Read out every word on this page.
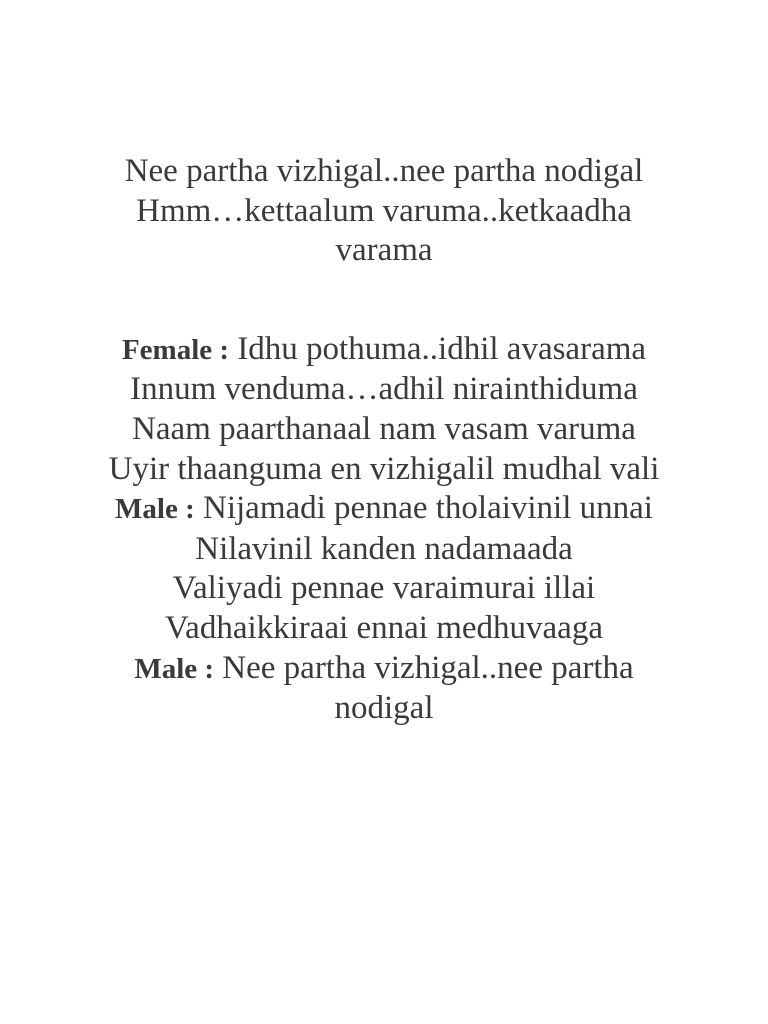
Nee partha vizhigal..nee partha nodigal

Hmm…kettaalum varuma..ketkaadha varama

Female : Idhu pothuma..idhil avasarama

Innum venduma…adhil nirainthiduma

Naam paarthanaal nam vasam varuma

Uyir thaanguma en vizhigalil mudhal vali

Male : Nijamadi pennae tholaivinil unnai

Nilavinil kanden nadamaada

Valiyadi pennae varaimurai illai

Vadhaikkiraai ennai medhuvaaga

Male : Nee partha vizhigal..nee partha nodigal
